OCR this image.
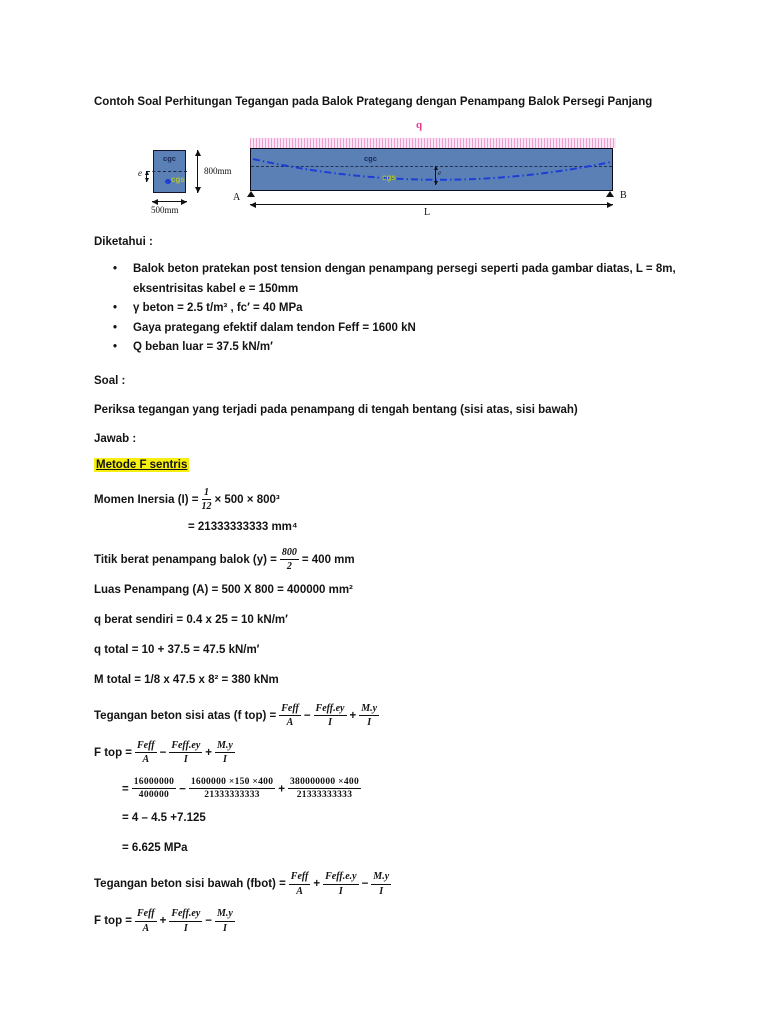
Contoh Soal Perhitungan Tegangan pada Balok Prategang dengan Penampang Balok Persegi Panjang

cgc
cgs
e	800mm
500mm
q
cgc
cgs	e
A	B
L

Diketahui :

• Balok beton pratekan post tension dengan penampang persegi seperti pada gambar diatas, L = 8m, eksentrisitas kabel e = 150mm
• γ beton = 2.5 t/m³ , fc′ = 40 MPa
• Gaya prategang efektif dalam tendon Feff = 1600 kN
• Q beban luar = 37.5 kN/m′

Soal :

Periksa tegangan yang terjadi pada penampang di tengah bentang (sisi atas, sisi bawah)

Jawab :

Metode F sentris

Momen Inersia $(I) = \frac{1}{12} \times 500 \times 800^3$

= 21333333333 mm⁴

Titik berat penampang balok $(y) = \frac{800}{2} = 400$ mm

Luas Penampang (A) = 500 X 800 = 400000 mm²

q berat sendiri = 0.4 x 25 = 10 kN/m′

q total = 10 + 37.5 = 47.5 kN/m′

M total = 1/8 x 47.5 x 8² = 380 kNm

Tegangan beton sisi atas (f $top) = \frac{\text{Feff}}{A} - \frac{\text{Feff.ey}}{I} + \frac{M.y}{I}$
F top = $\frac{\text{Feff}}{A} - \frac{\text{Feff.ey}}{I} + \frac{M.y}{I}$
= $\frac{16000000}{400000} - \frac{1600000 \times 150 \times 400}{21333333333} + \frac{380000000 \times 400}{21333333333}$

= 4 – 4.5 +7.125

= 6.625 MPa

Tegangan beton sisi bawah (fbot) = $\frac{\text{Feff}}{A} + \frac{\text{Feff.e.y}}{I} - \frac{M.y}{I}$
F top = $\frac{\text{Feff}}{A} + \frac{\text{Feff.ey}}{I} - \frac{M.y}{I}$
